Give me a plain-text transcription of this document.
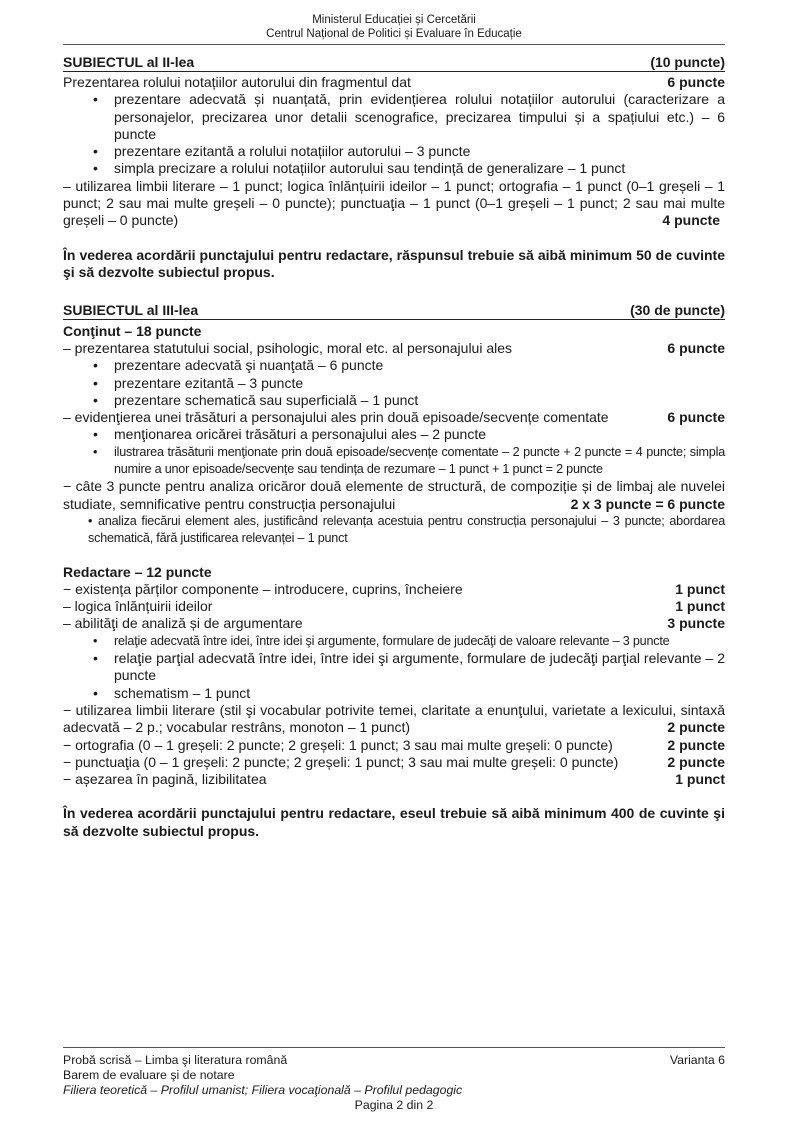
Ministerul Educației și Cercetării
Centrul Național de Politici și Evaluare în Educație
SUBIECTUL al II-lea	(10 puncte)
Prezentarea rolului notațiilor autorului din fragmentul dat	6 puncte
• prezentare adecvată și nuanțată, prin evidențierea rolului notațiilor autorului (caracterizare a personajelor, precizarea unor detalii scenografice, precizarea timpului și a spațiului etc.) – 6 puncte
• prezentare ezitantă a rolului notațiilor autorului – 3 puncte
• simpla precizare a rolului notațiilor autorului sau tendință de generalizare – 1 punct
– utilizarea limbii literare – 1 punct; logica înlănțuirii ideilor – 1 punct; ortografia – 1 punct (0–1 greșeli – 1 punct; 2 sau mai multe greșeli – 0 puncte); punctuaţia – 1 punct (0–1 greșeli – 1 punct; 2 sau mai multe greșeli – 0 puncte)	4 puncte
În vederea acordării punctajului pentru redactare, răspunsul trebuie să aibă minimum 50 de cuvinte şi să dezvolte subiectul propus.
SUBIECTUL al III-lea	(30 de puncte)
Conţinut – 18 puncte
– prezentarea statutului social, psihologic, moral etc. al personajului ales	6 puncte
• prezentare adecvată şi nuanţată – 6 puncte
• prezentare ezitantă – 3 puncte
• prezentare schematică sau superficială – 1 punct
– evidenţierea unei trăsături a personajului ales prin două episoade/secvențe comentate	6 puncte
• menţionarea oricărei trăsături a personajului ales – 2 puncte
• ilustrarea trăsăturii menţionate prin două episoade/secvențe comentate – 2 puncte + 2 puncte = 4 puncte; simpla numire a unor episoade/secvențe sau tendința de rezumare – 1 punct + 1 punct = 2 puncte
− câte 3 puncte pentru analiza oricăror două elemente de structură, de compoziție și de limbaj ale nuvelei studiate, semnificative pentru construcția personajului	2 x 3 puncte = 6 puncte
• analiza fiecărui element ales, justificând relevanța acestuia pentru construcția personajului – 3 puncte; abordarea schematică, fără justificarea relevanței – 1 punct
Redactare – 12 puncte
− existența părților componente – introducere, cuprins, încheiere	1 punct
– logica înlănțuirii ideilor	1 punct
– abilităţi de analiză și de argumentare	3 puncte
• relaţie adecvată între idei, între idei şi argumente, formulare de judecăţi de valoare relevante – 3 puncte
• relaţie parţial adecvată între idei, între idei şi argumente, formulare de judecăţi parţial relevante – 2 puncte
• schematism – 1 punct
− utilizarea limbii literare (stil şi vocabular potrivite temei, claritate a enunţului, varietate a lexicului, sintaxă adecvată – 2 p.; vocabular restrâns, monoton – 1 punct)	2 puncte
− ortografia (0 – 1 greșeli: 2 puncte; 2 greșeli: 1 punct; 3 sau mai multe greșeli: 0 puncte)	2 puncte
− punctuaţia (0 – 1 greșeli: 2 puncte; 2 greșeli: 1 punct; 3 sau mai multe greșeli: 0 puncte)	2 puncte
− așezarea în pagină, lizibilitatea	1 punct
În vederea acordării punctajului pentru redactare, eseul trebuie să aibă minimum 400 de cuvinte şi să dezvolte subiectul propus.
Probă scrisă – Limba şi literatura română	Varianta 6
Barem de evaluare şi de notare
Filiera teoretică – Profilul umanist; Filiera vocaţională – Profilul pedagogic
Pagina 2 din 2
